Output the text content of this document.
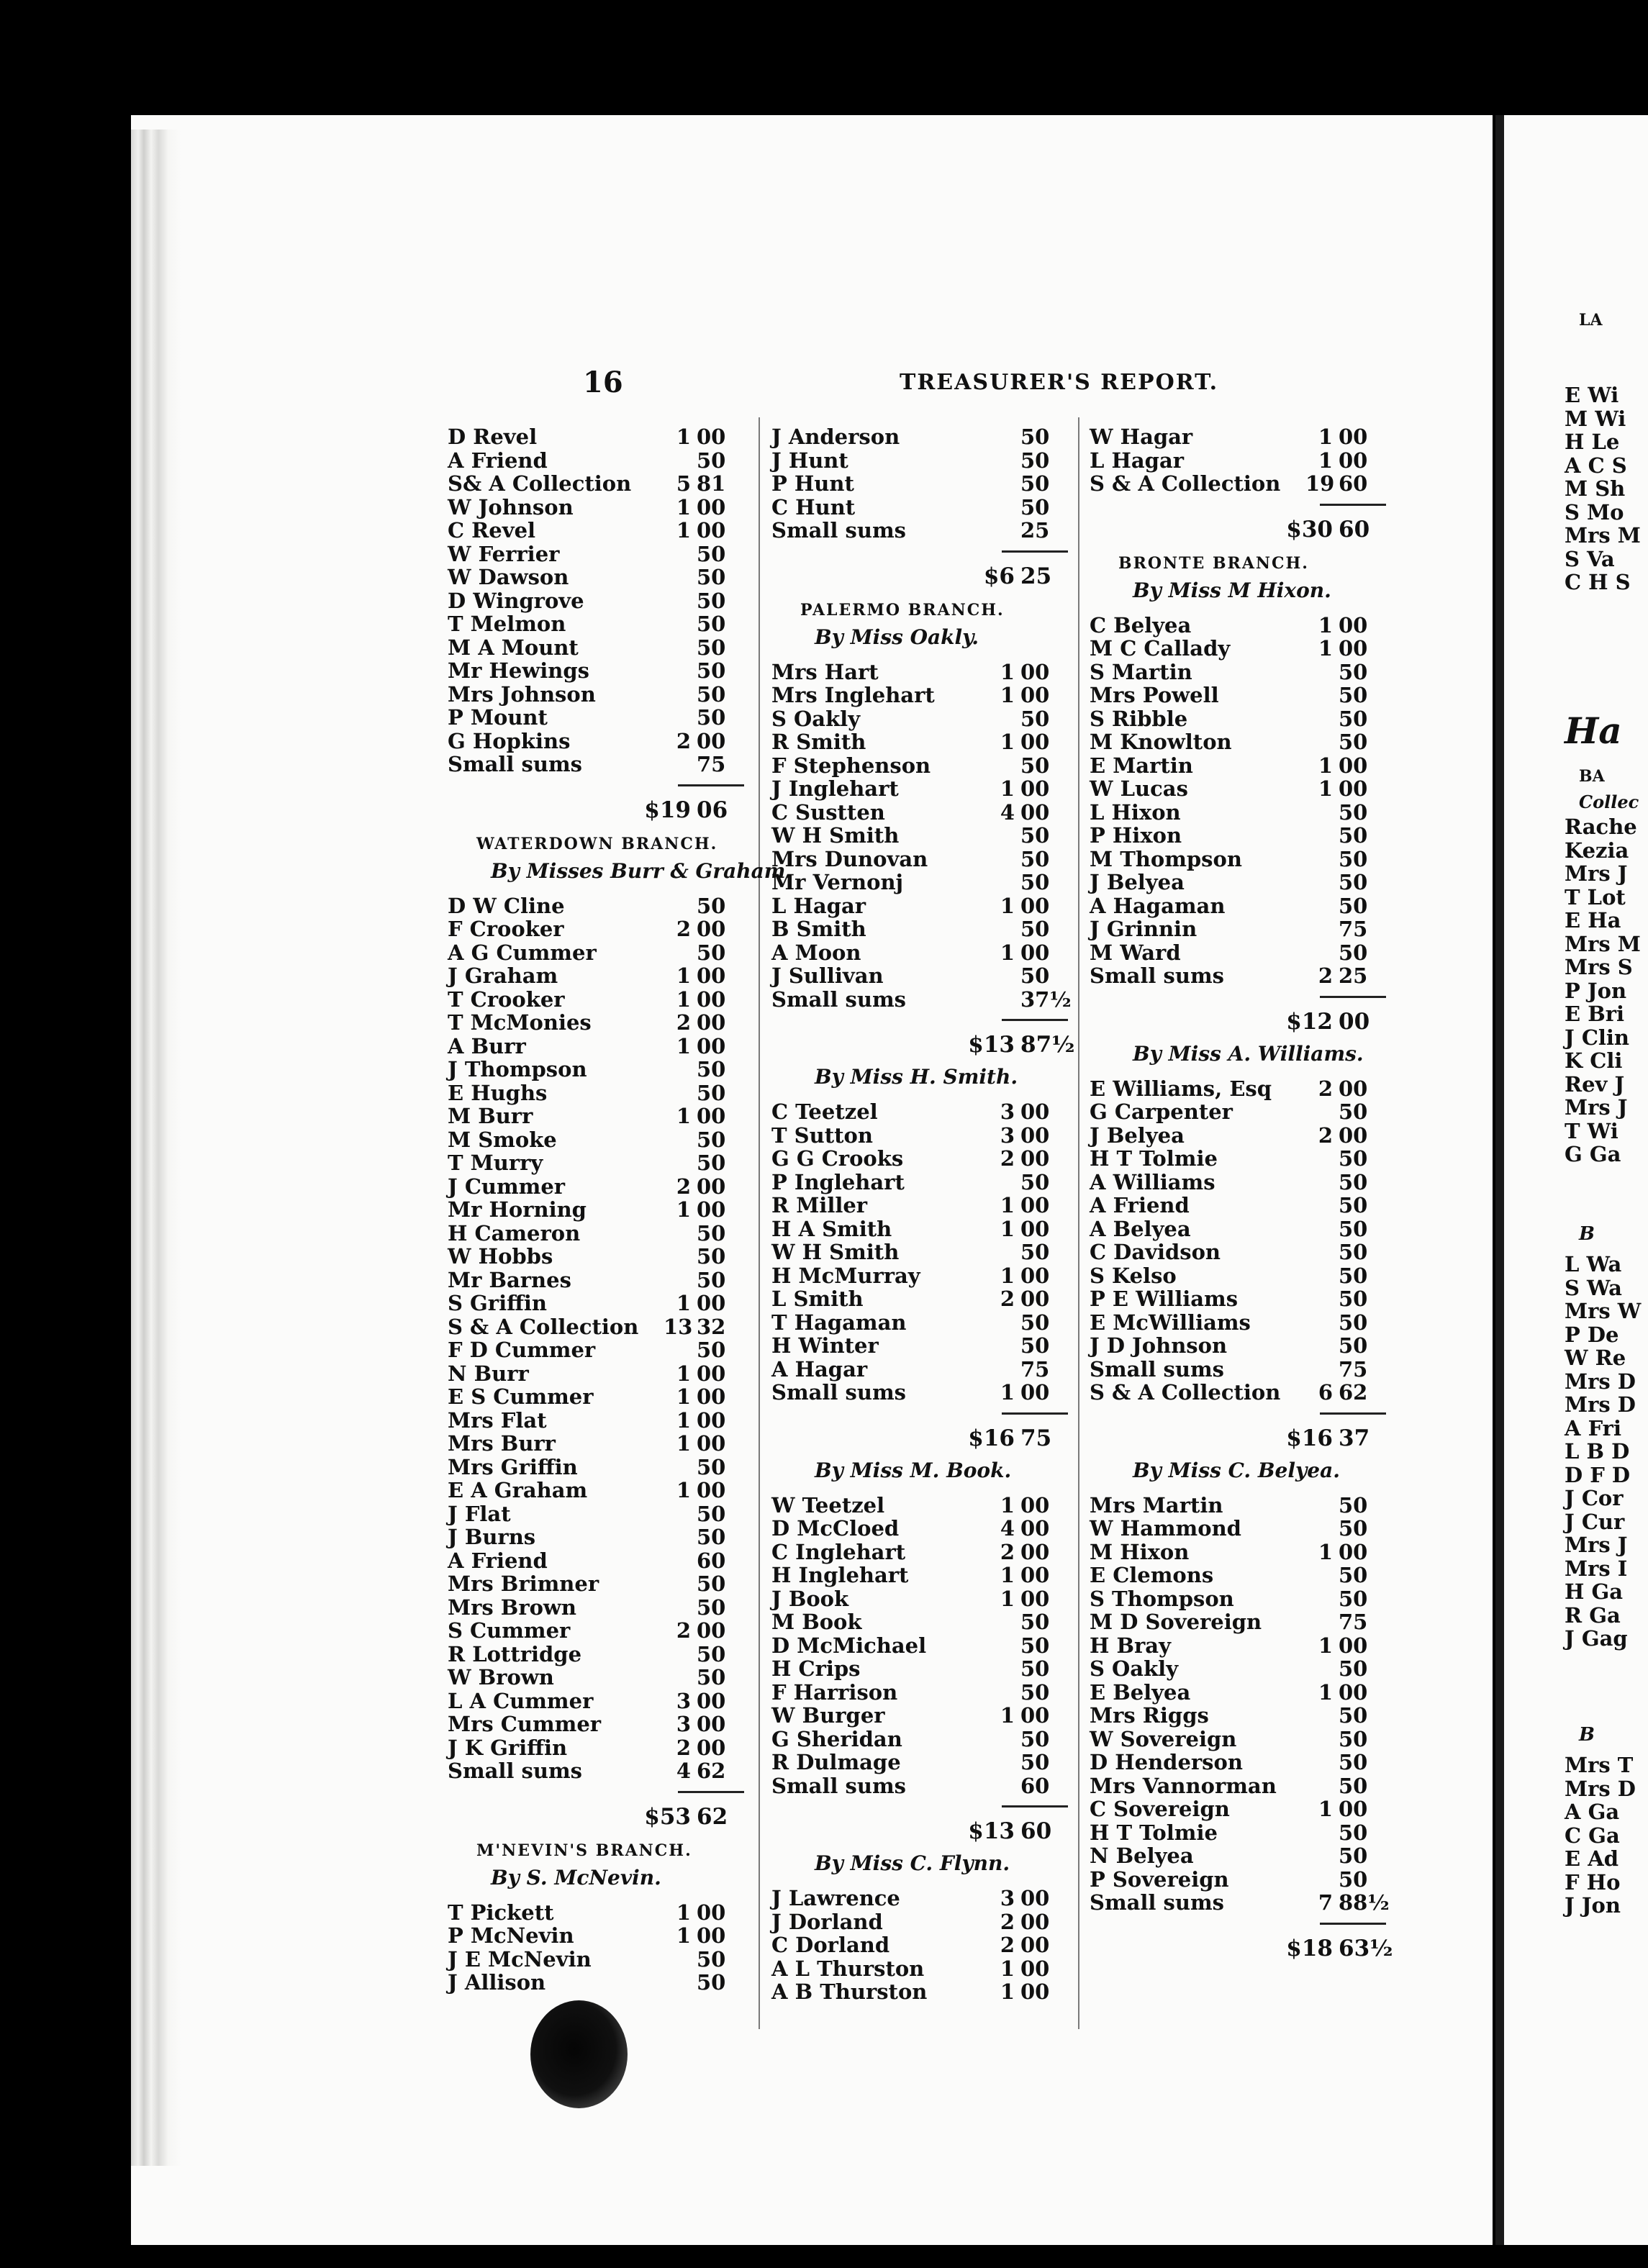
16	TREASURER'S REPORT.
D Revel	1 00
A Friend	50
S& A Collection	5 81
W Johnson	1 00
C Revel	1 00
W Ferrier	50
W Dawson	50
D Wingrove	50
T Melmon	50
M A Mount	50
Mr Hewings	50
Mrs Johnson	50
P Mount	50
G Hopkins	2 00
Small sums	75
$19 06
WATERDOWN BRANCH.
By Misses Burr & Graham.
D W Cline	50
F Crooker	2 00
A G Cummer	50
J Graham	1 00
T Crooker	1 00
T McMonies	2 00
A Burr	1 00
J Thompson	50
E Hughs	50
M Burr	1 00
M Smoke	50
T Murry	50
J Cummer	2 00
Mr Horning	1 00
H Cameron	50
W Hobbs	50
Mr Barnes	50
S Griffin	1 00
S & A Collection 13 32
F D Cummer	50
N Burr	1 00
E S Cummer	1 00
Mrs Flat	1 00
Mrs Burr	1 00
Mrs Griffin	50
E A Graham	1 00
J Flat	50
J Burns	50
A Friend	60
Mrs Brimner	50
Mrs Brown	50
S Cummer	2 00
R Lottridge	50
W Brown	50
L A Cummer	3 00
Mrs Cummer	3 00
J K Griffin	2 00
Small sums	4 62
$53 62
M'NEVIN'S BRANCH.
By S. McNevin.
T Pickett	1 00
P McNevin	1 00
J E McNevin	50
J Allison	50
J Anderson	50
J Hunt	50
P Hunt	50
C Hunt	50
Small sums	25
$6 25
PALERMO BRANCH.
By Miss Oakly.
Mrs Hart	1 00
Mrs Inglehart	1 00
S Oakly	50
R Smith	1 00
F Stephenson	50
J Inglehart	1 00
C Sustten	4 00
W H Smith	50
Mrs Dunovan	50
Mr Vernonj	50
L Hagar	1 00
B Smith	50
A Moon	1 00
J Sullivan	50
Small sums	37½
$13 87½
By Miss H. Smith.
C Teetzel	3 00
T Sutton	3 00
G G Crooks	2 00
P Inglehart	50
R Miller	1 00
H A Smith	1 00
W H Smith	50
H McMurray	1 00
L Smith	2 00
T Hagaman	50
H Winter	50
A Hagar	75
Small sums	1 00
$16 75
By Miss M. Book.
W Teetzel	1 00
D McCloed	4 00
C Inglehart	2 00
H Inglehart	1 00
J Book	1 00
M Book	50
D McMichael	50
H Crips	50
F Harrison	50
W Burger	1 00
G Sheridan	50
R Dulmage	50
Small sums	60
$13 60
By Miss C. Flynn.
J Lawrence	3 00
J Dorland	2 00
C Dorland	2 00
A L Thurston	1 00
A B Thurston	1 00
W Hagar	1 00
L Hagar	1 00
S & A Collection 19 60
$30 60
BRONTE BRANCH.
By Miss M Hixon.
C Belyea	1 00
M C Callady	1 00
S Martin	50
Mrs Powell	50
S Ribble	50
M Knowlton	50
E Martin	1 00
W Lucas	1 00
L Hixon	50
P Hixon	50
M Thompson	50
J Belyea	50
A Hagaman	50
J Grinnin	75
M Ward	50
Small sums	2 25
$12 00
By Miss A. Williams.
E Williams, Esq	2 00
G Carpenter	50
J Belyea	2 00
H T Tolmie	50
A Williams	50
A Friend	50
A Belyea	50
C Davidson	50
S Kelso	50
P E Williams	50
E McWilliams	50
J D Johnson	50
Small sums	75
S & A Collection	6 62
$16 37
By Miss C. Belyea.
Mrs Martin	50
W Hammond	50
M Hixon	1 00
E Clemons	50
S Thompson	50
M D Sovereign	75
H Bray	1 00
S Oakly	50
E Belyea	1 00
Mrs Riggs	50
W Sovereign	50
D Henderson	50
Mrs Vannorman	50
C Sovereign	1 00
H T Tolmie	50
N Belyea	50
P Sovereign	50
Small sums	7 88½
$18 63½
LA
E Wi
M Wi
H Le
A C S
M Sh
S Mo
Mrs M
S Va
C H S
Ha
BA
Collec
Rache
Kezia
Mrs J
T Lot
E Ha
Mrs M
Mrs S
P Jon
E Bri
J Clin
K Cli
Rev J
Mrs J
T Wi
G Ga
B
L Wa
S Wa
Mrs W
P De
W Re
Mrs D
Mrs D
A Fri
L B D
D F D
J Cor
J Cur
Mrs J
Mrs I
H Ga
R Ga
J Gag
B
Mrs T
Mrs D
A Ga
C Ga
E Ad
F Ho
J Jon
